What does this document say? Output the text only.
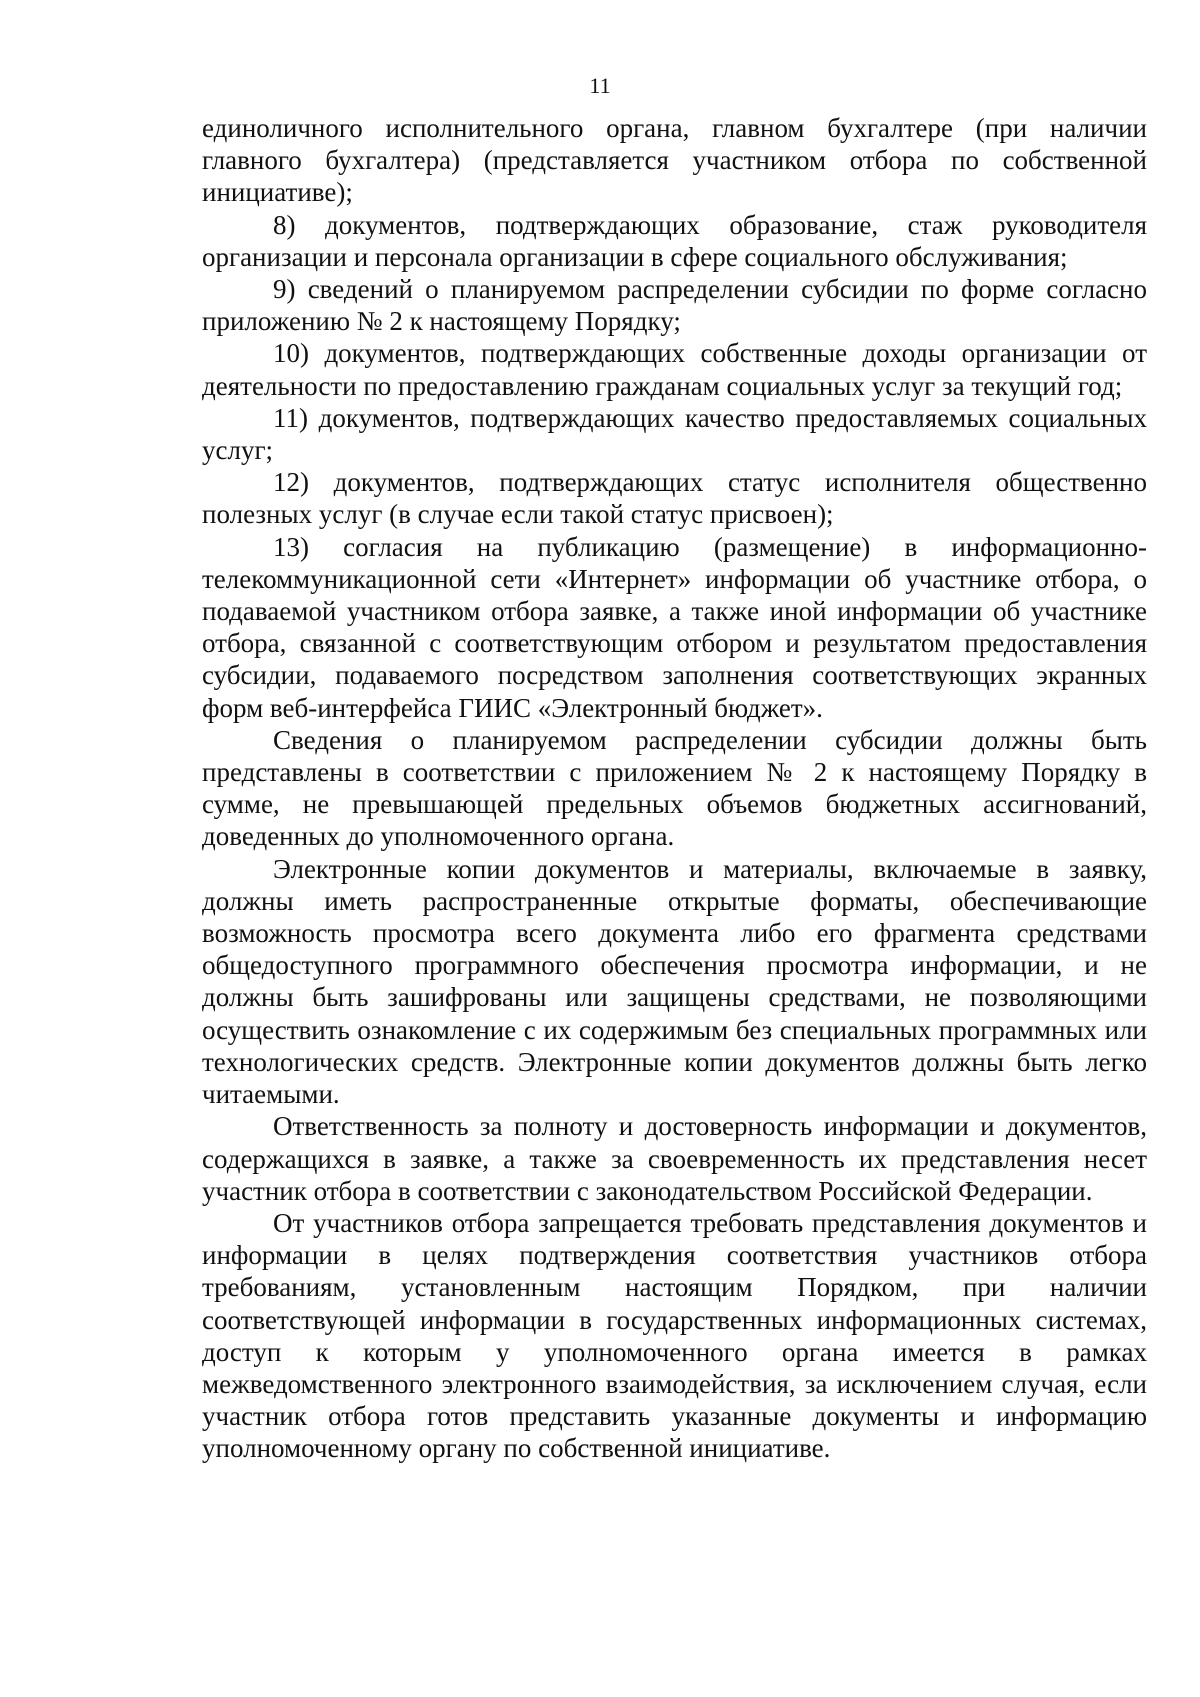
11

единоличного исполнительного органа, главном бухгалтере (при наличии главного бухгалтера) (представляется участником отбора по собственной инициативе);

8) документов, подтверждающих образование, стаж руководителя организации и персонала организации в сфере социального обслуживания;

9) сведений о планируемом распределении субсидии по форме согласно приложению № 2 к настоящему Порядку;

10) документов, подтверждающих собственные доходы организации от деятельности по предоставлению гражданам социальных услуг за текущий год;

11) документов, подтверждающих качество предоставляемых социальных услуг;

12) документов, подтверждающих статус исполнителя общественно полезных услуг (в случае если такой статус присвоен);

13) согласия на публикацию (размещение) в информационно-телекоммуникационной сети «Интернет» информации об участнике отбора, о подаваемой участником отбора заявке, а также иной информации об участнике отбора, связанной с соответствующим отбором и результатом предоставления субсидии, подаваемого посредством заполнения соответствующих экранных форм веб-интерфейса ГИИС «Электронный бюджет».

Сведения о планируемом распределении субсидии должны быть представлены в соответствии с приложением № 2 к настоящему Порядку в сумме, не превышающей предельных объемов бюджетных ассигнований, доведенных до уполномоченного органа.

Электронные копии документов и материалы, включаемые в заявку, должны иметь распространенные открытые форматы, обеспечивающие возможность просмотра всего документа либо его фрагмента средствами общедоступного программного обеспечения просмотра информации, и не должны быть зашифрованы или защищены средствами, не позволяющими осуществить ознакомление с их содержимым без специальных программных или технологических средств. Электронные копии документов должны быть легко читаемыми.

Ответственность за полноту и достоверность информации и документов, содержащихся в заявке, а также за своевременность их представления несет участник отбора в соответствии с законодательством Российской Федерации.

От участников отбора запрещается требовать представления документов и информации в целях подтверждения соответствия участников отбора требованиям, установленным настоящим Порядком, при наличии соответствующей информации в государственных информационных системах, доступ к которым у уполномоченного органа имеется в рамках межведомственного электронного взаимодействия, за исключением случая, если участник отбора готов представить указанные документы и информацию уполномоченному органу по собственной инициативе.
